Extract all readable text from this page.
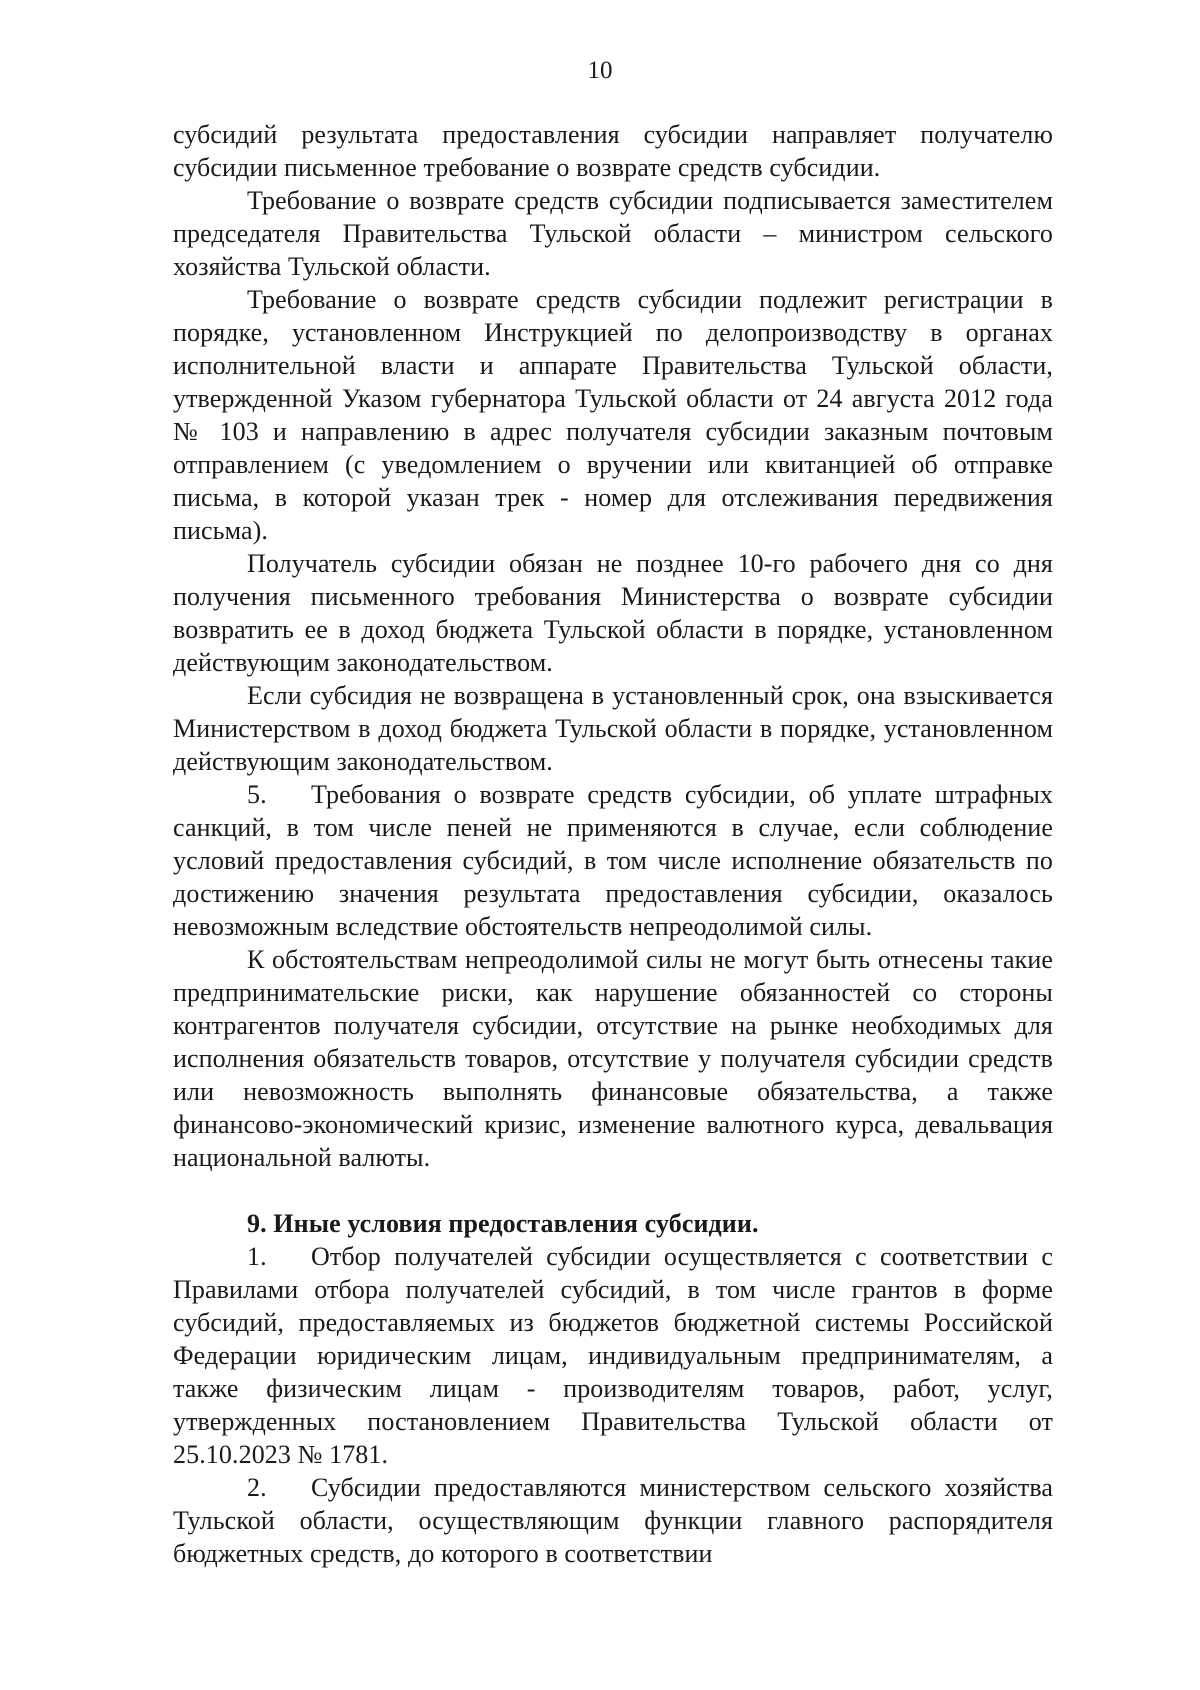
10

субсидий результата предоставления субсидии направляет получателю субсидии письменное требование о возврате средств субсидии.

Требование о возврате средств субсидии подписывается заместителем председателя Правительства Тульской области – министром сельского хозяйства Тульской области.

Требование о возврате средств субсидии подлежит регистрации в порядке, установленном Инструкцией по делопроизводству в органах исполнительной власти и аппарате Правительства Тульской области, утвержденной Указом губернатора Тульской области от 24 августа 2012 года № 103 и направлению в адрес получателя субсидии заказным почтовым отправлением (с уведомлением о вручении или квитанцией об отправке письма, в которой указан трек - номер для отслеживания передвижения письма).

Получатель субсидии обязан не позднее 10-го рабочего дня со дня получения письменного требования Министерства о возврате субсидии возвратить ее в доход бюджета Тульской области в порядке, установленном действующим законодательством.

Если субсидия не возвращена в установленный срок, она взыскивается Министерством в доход бюджета Тульской области в порядке, установленном действующим законодательством.

5. Требования о возврате средств субсидии, об уплате штрафных санкций, в том числе пеней не применяются в случае, если соблюдение условий предоставления субсидий, в том числе исполнение обязательств по достижению значения результата предоставления субсидии, оказалось невозможным вследствие обстоятельств непреодолимой силы.

К обстоятельствам непреодолимой силы не могут быть отнесены такие предпринимательские риски, как нарушение обязанностей со стороны контрагентов получателя субсидии, отсутствие на рынке необходимых для исполнения обязательств товаров, отсутствие у получателя субсидии средств или невозможность выполнять финансовые обязательства, а также финансово-экономический кризис, изменение валютного курса, девальвация национальной валюты.

9. Иные условия предоставления субсидии.

1. Отбор получателей субсидии осуществляется с соответствии с Правилами отбора получателей субсидий, в том числе грантов в форме субсидий, предоставляемых из бюджетов бюджетной системы Российской Федерации юридическим лицам, индивидуальным предпринимателям, а также физическим лицам - производителям товаров, работ, услуг, утвержденных постановлением Правительства Тульской области от 25.10.2023 № 1781.

2. Субсидии предоставляются министерством сельского хозяйства Тульской области, осуществляющим функции главного распорядителя бюджетных средств, до которого в соответствии
